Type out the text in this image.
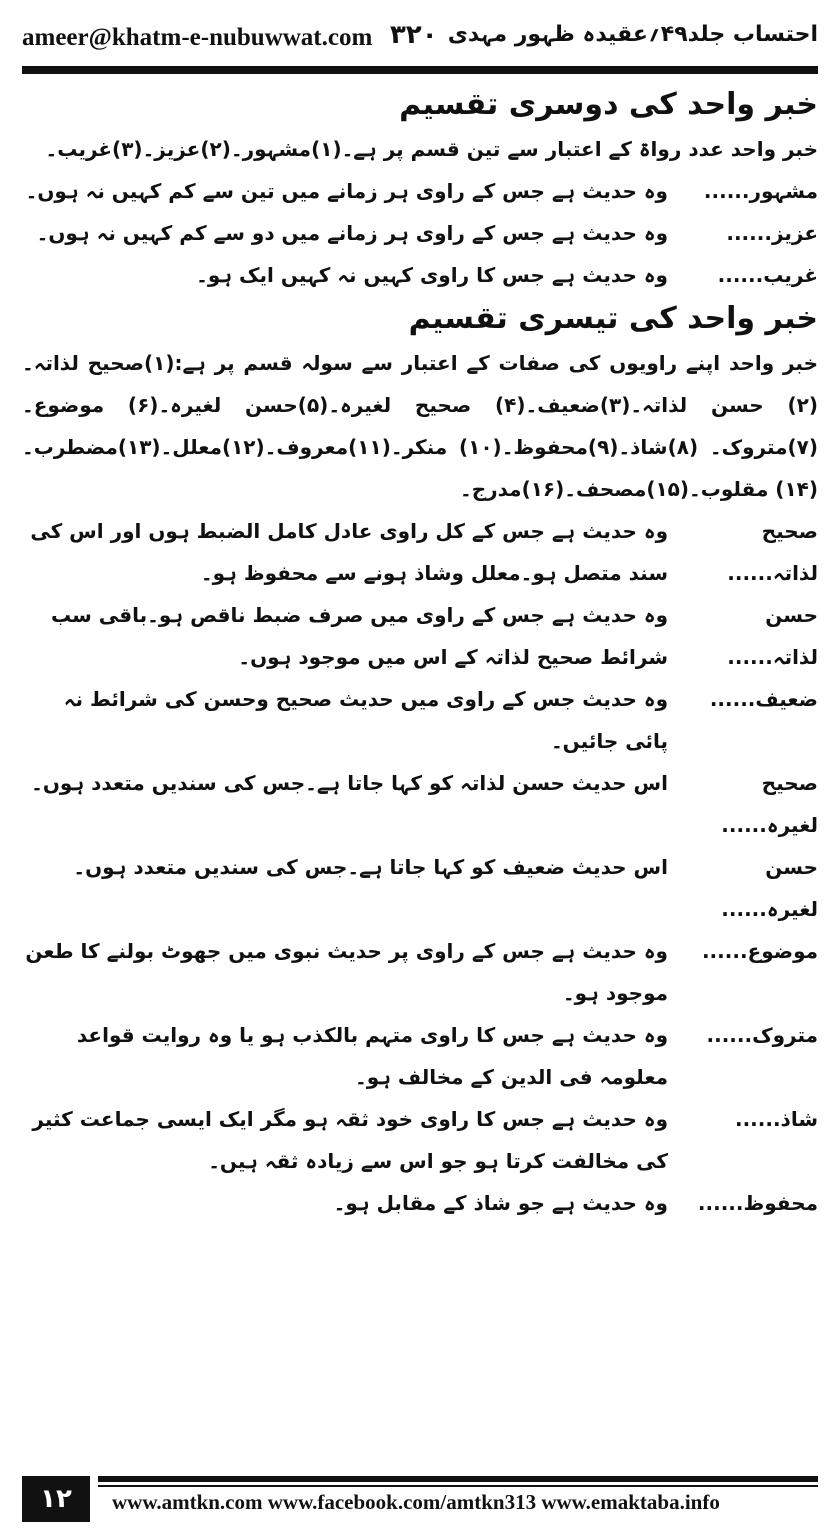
ameer@khatm-e-nubuwwat.com ۳۲۰ احتساب جلد۴۹؍عقیدہ ظہور مہدی
خبر واحد کی دوسری تقسیم

خبر واحد عدد رواۃ کے اعتبار سے تین قسم پر ہے۔(۱)مشہور۔(۲)عزیز۔(۳)غریب۔

مشہور......
وہ حدیث ہے جس کے راوی ہر زمانے میں تین سے کم کہیں نہ ہوں۔
عزیز......
وہ حدیث ہے جس کے راوی ہر زمانے میں دو سے کم کہیں نہ ہوں۔
غریب......
وہ حدیث ہے جس کا راوی کہیں نہ کہیں ایک ہو۔
خبر واحد کی تیسری تقسیم

خبر واحد اپنے راویوں کی صفات کے اعتبار سے سولہ قسم پر ہے:(۱)صحیح لذاتہ۔(۲) حسن لذاتہ۔(۳)ضعیف۔(۴) صحیح لغیرہ۔(۵)حسن لغیرہ۔(۶) موضوع۔(۷)متروک۔ (۸)شاذ۔(۹)محفوظ۔(۱۰) منکر۔(۱۱)معروف۔(۱۲)معلل۔(۱۳)مضطرب۔ (۱۴) مقلوب۔(۱۵)مصحف۔(۱۶)مدرج۔

صحیح لذاتہ......
وہ حدیث ہے جس کے کل راوی عادل کامل الضبط ہوں اور اس کی سند متصل ہو۔معلل وشاذ ہونے سے محفوظ ہو۔
حسن لذاتہ......
وہ حدیث ہے جس کے راوی میں صرف ضبط ناقص ہو۔باقی سب شرائط صحیح لذاتہ کے اس میں موجود ہوں۔
ضعیف......
وہ حدیث جس کے راوی میں حدیث صحیح وحسن کی شرائط نہ پائی جائیں۔
صحیح لغیرہ......
اس حدیث حسن لذاتہ کو کہا جاتا ہے۔جس کی سندیں متعدد ہوں۔
حسن لغیرہ......
اس حدیث ضعیف کو کہا جاتا ہے۔جس کی سندیں متعدد ہوں۔
موضوع......
وہ حدیث ہے جس کے راوی پر حدیث نبوی میں جھوٹ بولنے کا طعن موجود ہو۔
متروک......
وہ حدیث ہے جس کا راوی متہم بالکذب ہو یا وہ روایت قواعد معلومہ فی الدین کے مخالف ہو۔
شاذ......
وہ حدیث ہے جس کا راوی خود ثقہ ہو مگر ایک ایسی جماعت کثیر کی مخالفت کرتا ہو جو اس سے زیادہ ثقہ ہیں۔
محفوظ......
وہ حدیث ہے جو شاذ کے مقابل ہو۔
۱۲	www.amtkn.com www.facebook.com/amtkn313 www.emaktaba.info
